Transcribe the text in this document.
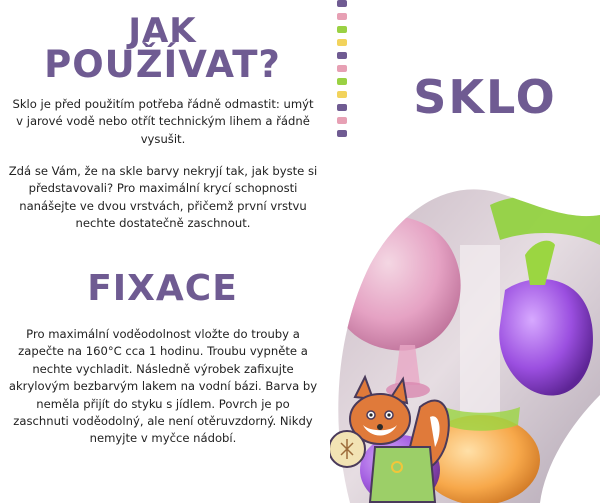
JAK
POUŽÍVAT?
Sklo je před použitím potřeba řádně odmastit: umýt v jarové vodě nebo otřít technickým lihem a řádně vysušit.
Zdá se Vám, že na skle barvy nekryjí tak, jak byste si představovali? Pro maximální krycí schopnosti nanášejte ve dvou vrstvách, přičemž první vrstvu nechte dostatečně zaschnout.
FIXACE
Pro maximální voděodolnost vložte do trouby a zapečte na 160°C cca 1 hodinu. Troubu vypněte a nechte vychladit. Následně výrobek zafixujte akrylovým bezbarvým lakem na vodní bázi. Barva by neměla přijít do styku s jídlem. Povrch je po zaschnuti voděodolný, ale není otěruvzdorný. Nikdy nemyjte v myčce nádobí.
SKLO
